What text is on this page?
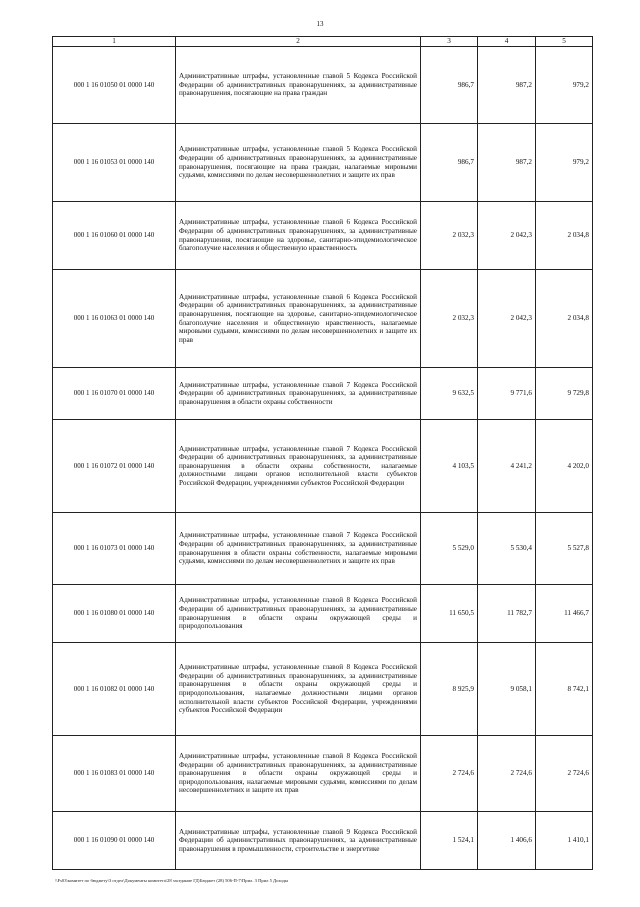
13
1	2	3	4	5
000 1 16 01050 01 0000 140	Административные штрафы, установленные главой 5 Кодекса Российской Федерации об административных правонарушениях, за административные правонарушения, посягающие на права граждан	986,7	987,2	979,2
000 1 16 01053 01 0000 140	Административные штрафы, установленные главой 5 Кодекса Российской Федерации об административных правонарушениях, за административные правонарушения, посягающие на права граждан, налагаемые мировыми судьями, комиссиями по делам несовершеннолетних и защите их прав	986,7	987,2	979,2
000 1 16 01060 01 0000 140	Административные штрафы, установленные главой 6 Кодекса Российской Федерации об административных правонарушениях, за административные правонарушения, посягающие на здоровье, санитарно-эпидемиологическое благополучие населения и общественную нравственность	2 032,3	2 042,3	2 034,8
000 1 16 01063 01 0000 140	Административные штрафы, установленные главой 6 Кодекса Российской Федерации об административных правонарушениях, за административные правонарушения, посягающие на здоровье, санитарно-эпидемиологическое благополучие населения и общественную нравственность, налагаемые мировыми судьями, комиссиями по делам несовершеннолетних и защите их прав	2 032,3	2 042,3	2 034,8
000 1 16 01070 01 0000 140	Административные штрафы, установленные главой 7 Кодекса Российской Федерации об административных правонарушениях, за административные правонарушения в области охраны собственности	9 632,5	9 771,6	9 729,8
000 1 16 01072 01 0000 140	Административные штрафы, установленные главой 7 Кодекса Российской Федерации об административных правонарушениях, за административные правонарушения в области охраны собственности, налагаемые должностными лицами органов исполнительной власти субъектов Российской Федерации, учреждениями субъектов Российской Федерации	4 103,5	4 241,2	4 202,0
000 1 16 01073 01 0000 140	Административные штрафы, установленные главой 7 Кодекса Российской Федерации об административных правонарушениях, за административные правонарушения в области охраны собственности, налагаемые мировыми судьями, комиссиями по делам несовершеннолетних и защите их прав	5 529,0	5 530,4	5 527,8
000 1 16 01080 01 0000 140	Административные штрафы, установленные главой 8 Кодекса Российской Федерации об административных правонарушениях, за административные правонарушения в области охраны окружающей среды и природопользования	11 650,5	11 782,7	11 466,7
000 1 16 01082 01 0000 140	Административные штрафы, установленные главой 8 Кодекса Российской Федерации об административных правонарушениях, за административные правонарушения в области охраны окружающей среды и природопользования, налагаемые должностными лицами органов исполнительной власти субъектов Российской Федерации, учреждениями субъектов Российской Федерации	8 925,9	9 058,1	8 742,1
000 1 16 01083 01 0000 140	Административные штрафы, установленные главой 8 Кодекса Российской Федерации об административных правонарушениях, за административные правонарушения в области охраны окружающей среды и природопользования, налагаемые мировыми судьями, комиссиями по делам несовершеннолетних и защите их прав	2 724,6	2 724,6	2 724,6
000 1 16 01090 01 0000 140	Административные штрафы, установленные главой 9 Кодекса Российской Федерации об административных правонарушениях, за административные правонарушения в промышленности, строительстве и энергетике	1 524,1	1 406,6	1 410,1
\\Fs03\комитет по бюджету\3 отдел\Документы комитета\28 заседание ГД\Бюджет (28) 506-П-7\Прил. 3 Прил 5 Доходы
